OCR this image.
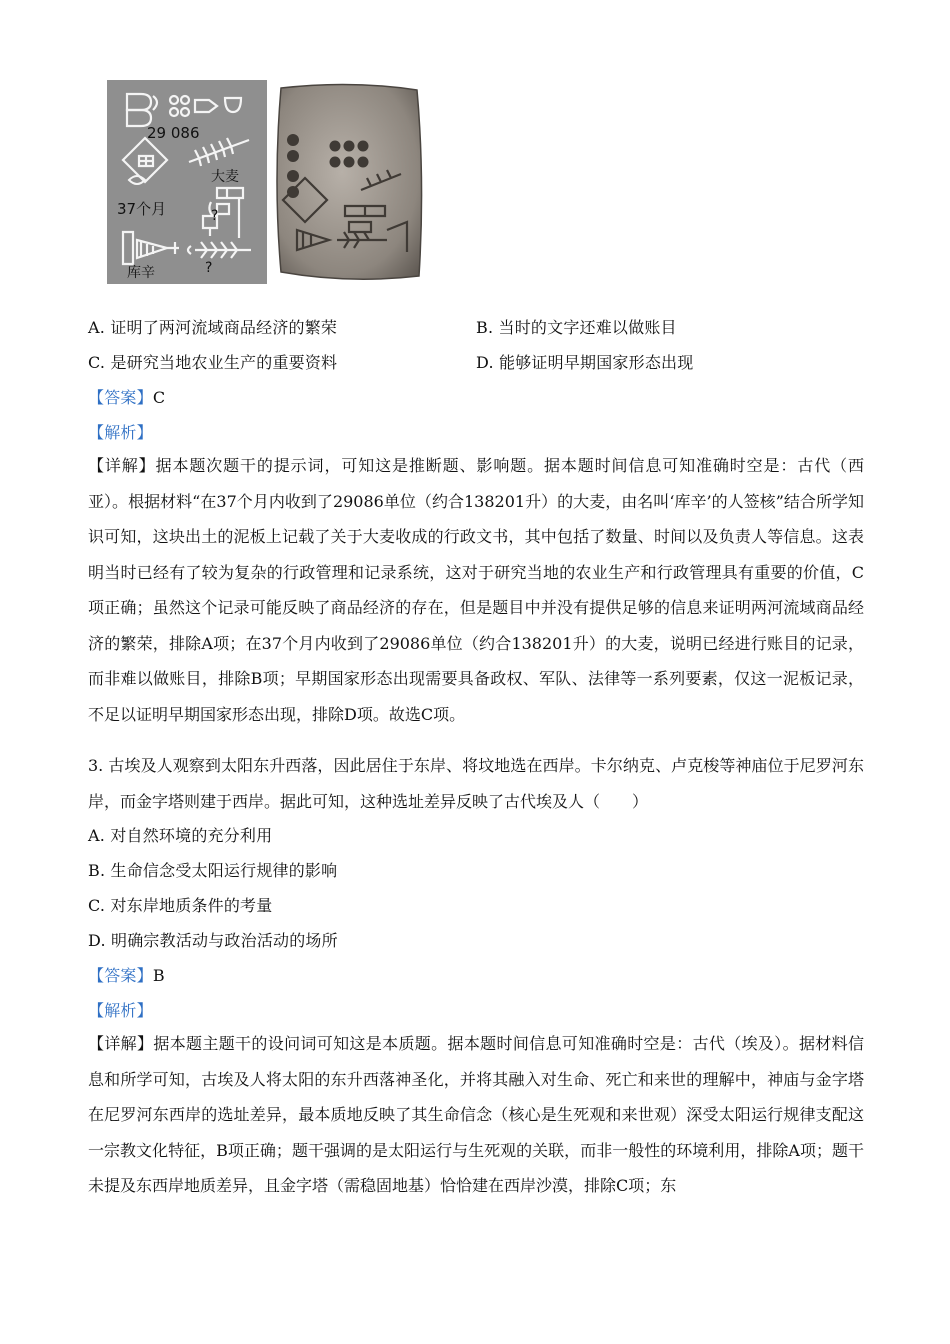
29 086
大麦
37个月	?
库辛	?
A. 证明了两河流域商品经济的繁荣	B. 当时的文字还难以做账目
C. 是研究当地农业生产的重要资料	D. 能够证明早期国家形态出现
【答案】C
【解析】
【详解】据本题次题干的提示词，可知这是推断题、影响题。据本题时间信息可知准确时空是：古代（西亚）。根据材料“在37个月内收到了29086单位（约合138201升）的大麦，由名叫‘库辛’的人签核”结合所学知识可知，这块出土的泥板上记载了关于大麦收成的行政文书，其中包括了数量、时间以及负责人等信息。这表明当时已经有了较为复杂的行政管理和记录系统，这对于研究当地的农业生产和行政管理具有重要的价值，C项正确；虽然这个记录可能反映了商品经济的存在，但是题目中并没有提供足够的信息来证明两河流域商品经济的繁荣，排除A项；在37个月内收到了29086单位（约合138201升）的大麦，说明已经进行账目的记录，而非难以做账目，排除B项；早期国家形态出现需要具备政权、军队、法律等一系列要素，仅这一泥板记录，不足以证明早期国家形态出现，排除D项。故选C项。
3. 古埃及人观察到太阳东升西落，因此居住于东岸、将坟地选在西岸。卡尔纳克、卢克梭等神庙位于尼罗河东岸，而金字塔则建于西岸。据此可知，这种选址差异反映了古代埃及人（　　）
A. 对自然环境的充分利用
B. 生命信念受太阳运行规律的影响
C. 对东岸地质条件的考量
D. 明确宗教活动与政治活动的场所
【答案】B
【解析】
【详解】据本题主题干的设问词可知这是本质题。据本题时间信息可知准确时空是：古代（埃及）。据材料信息和所学可知，古埃及人将太阳的东升西落神圣化，并将其融入对生命、死亡和来世的理解中，神庙与金字塔在尼罗河东西岸的选址差异，最本质地反映了其生命信念（核心是生死观和来世观）深受太阳运行规律支配这一宗教文化特征，B项正确；题干强调的是太阳运行与生死观的关联，而非一般性的环境利用，排除A项；题干未提及东西岸地质差异，且金字塔（需稳固地基）恰恰建在西岸沙漠，排除C项；东
